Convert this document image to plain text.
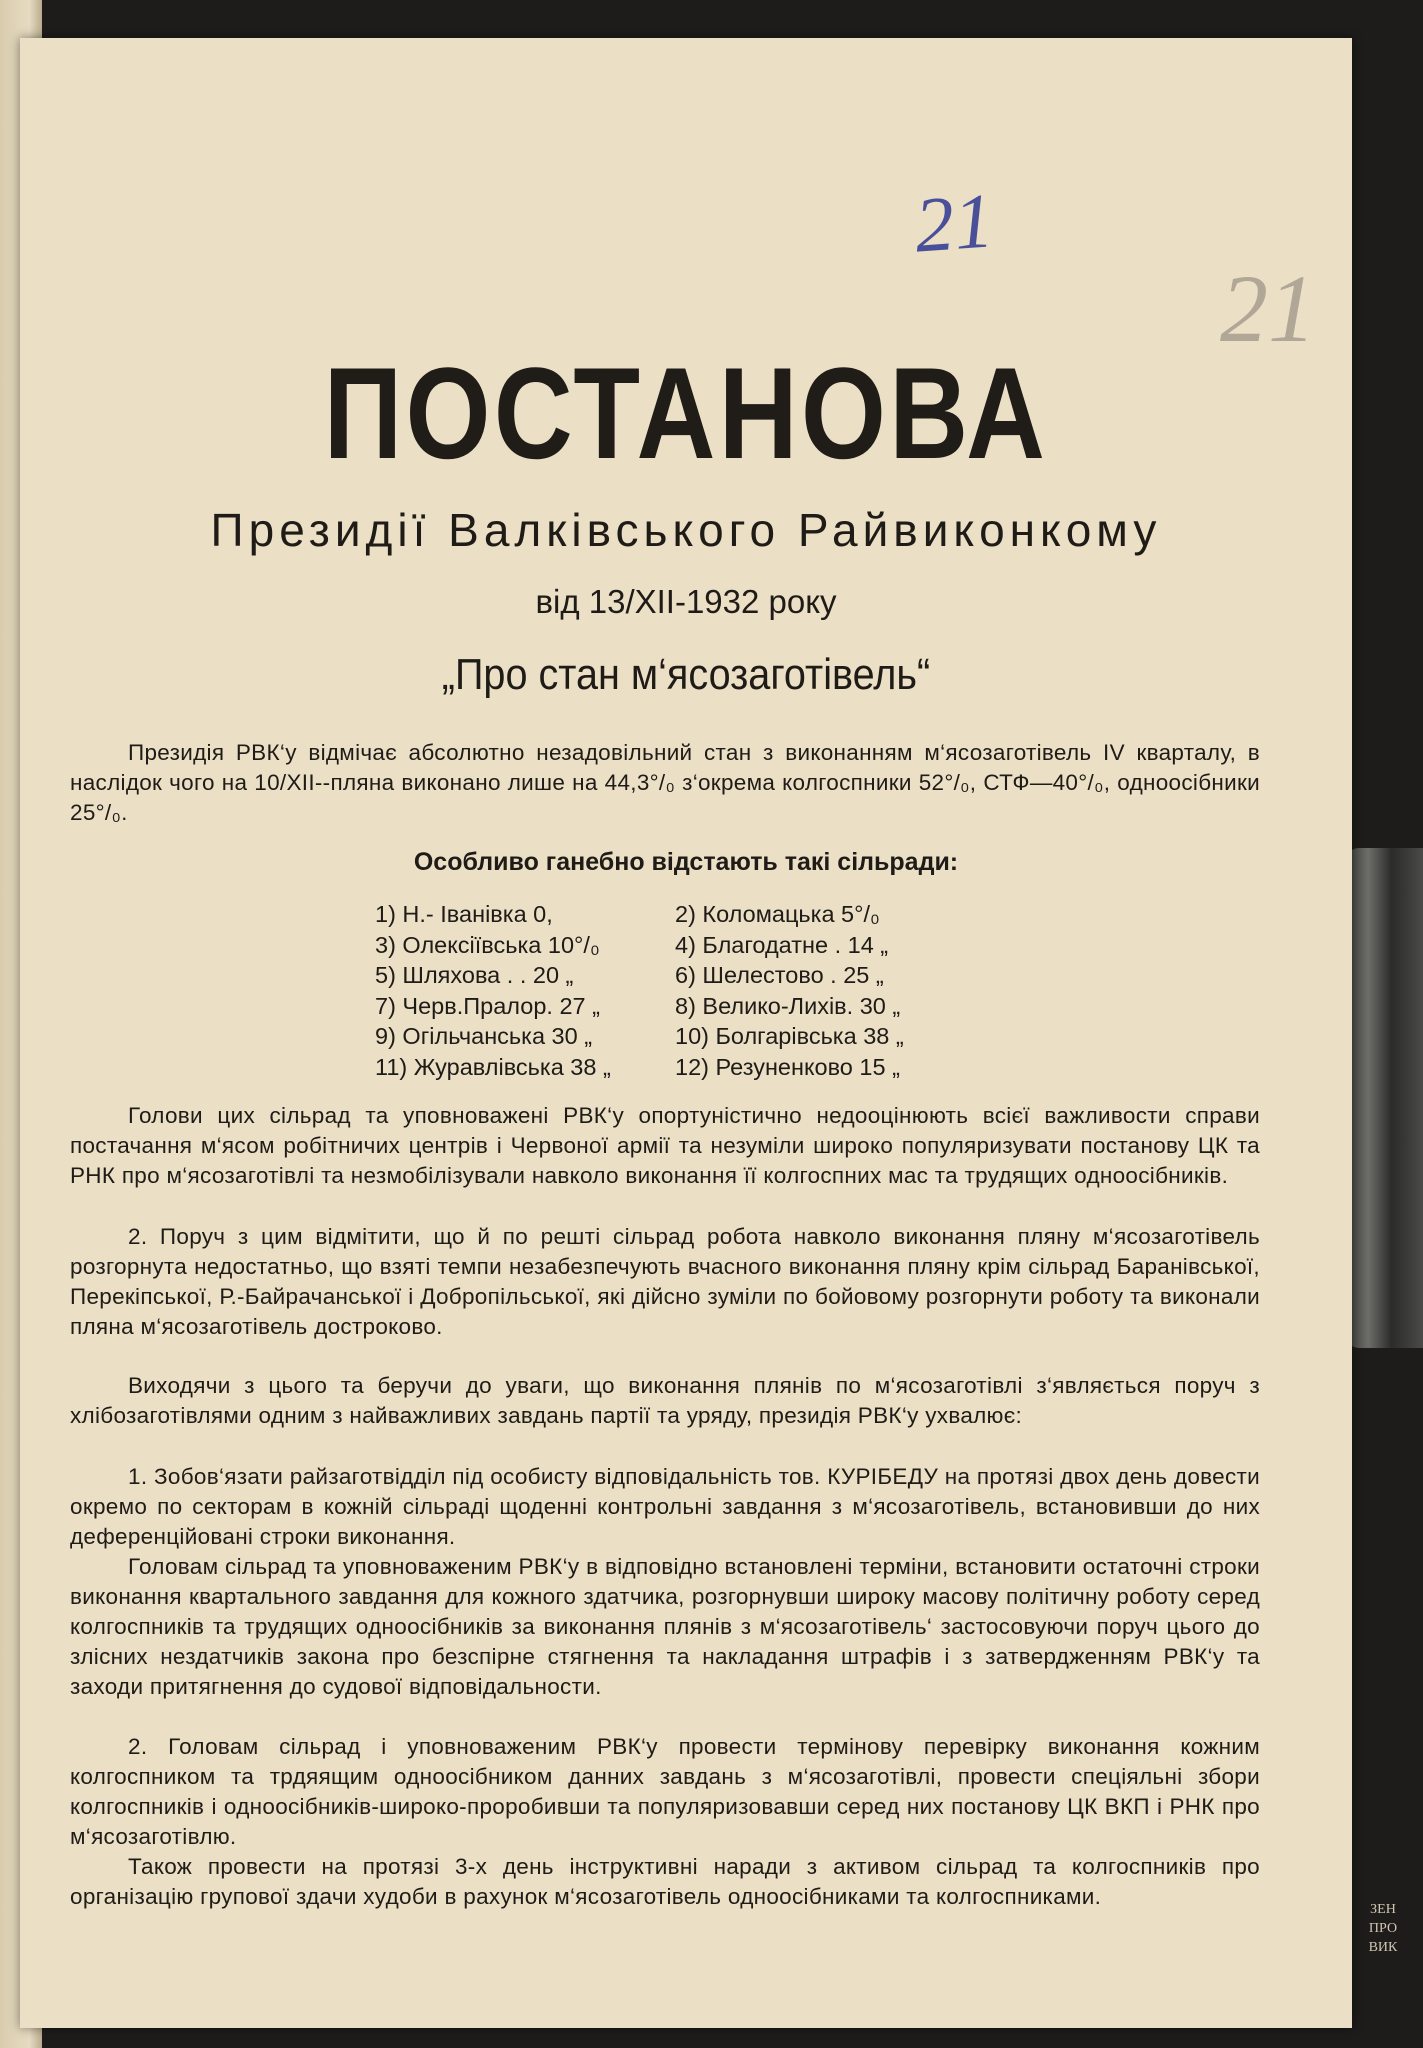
ЗЕН
ПРО
ВИК
21
21
ПОСТАНОВА
Президії Валківського Райвиконкому
від 13/XII-1932 року
„Про стан м‘ясозаготівель“

Президія РВК‘у відмічає абсолютно незадовільний стан з виконанням м‘ясозаготівель IV кварталу, в наслідок чого на 10/XII--пляна виконано лише на 44,3°/₀ з‘окрема колгоспники 52°/₀, СТФ—40°/₀, одноосібники 25°/₀.

Особливо ганебно відстають такі сільради:
1) Н.- Іванівка 0,	2) Коломацька 5°/₀
3) Олексіївська 10°/₀	4) Благодатне . 14 „
5) Шляхова . . 20 „	6) Шелестово . 25 „
7) Черв.Пралор. 27 „	8) Велико-Лихів. 30 „
9) Огільчанська 30 „	10) Болгарівська 38 „
11) Журавлівська 38 „	12) Резуненково 15 „

Голови цих сільрад та уповноважені РВК‘у опортуністично недооцінюють всієї важливости справи постачання м‘ясом робітничих центрів і Червоної армії та незуміли широко популяризувати постанову ЦК та РНК про м‘ясозаготівлі та незмобілізували навколо виконання її колгоспних мас та трудящих одноосібників.

2. Поруч з цим відмітити, що й по решті сільрад робота навколо виконання пляну м‘ясозаготівель розгорнута недостатньо, що взяті темпи незабезпечують вчасного виконання пляну крім сільрад Баранівської, Перекіпської, Р.-Байрачанської і Добропільської, які дійсно зуміли по бойовому розгорнути роботу та виконали пляна м‘ясозаготівель достроково.

Виходячи з цього та беручи до уваги, що виконання плянів по м‘ясозаготівлі з‘являється поруч з хлібозаготівлями одним з найважливих завдань партії та уряду, президія РВК‘у ухвалює:

1. Зобов‘язати райзаготвідділ під особисту відповідальність тов. КУРІБЕДУ на протязі двох день довести окремо по секторам в кожній сільраді щоденні контрольні завдання з м‘ясозаготівель, встановивши до них деференційовані строки виконання.

Головам сільрад та уповноваженим РВК‘у в відповідно встановлені терміни, встановити остаточні строки виконання квартального завдання для кожного здатчика, розгорнувши широку масову політичну роботу серед колгоспників та трудящих одноосібників за виконання плянів з м‘ясозаготівель‘ застосовуючи поруч цього до злісних нездатчиків закона про безспірне стягнення та накладання штрафів і з затвердженням РВК‘у та заходи притягнення до судової відповідальности.

2. Головам сільрад і уповноваженим РВК‘у провести термінову перевірку виконання кожним колгоспником та трдяящим одноосібником данних завдань з м‘ясозаготівлі, провести спеціяльні збори колгоспників і одноосібників-широко-проробивши та популяризовавши серед них постанову ЦК ВКП і РНК про м‘ясозаготівлю.

Також провести на протязі 3-х день інструктивні наради з активом сільрад та колгоспників про організацію групової здачи худоби в рахунок м‘ясозаготівель одноосібниками та колгоспниками.
